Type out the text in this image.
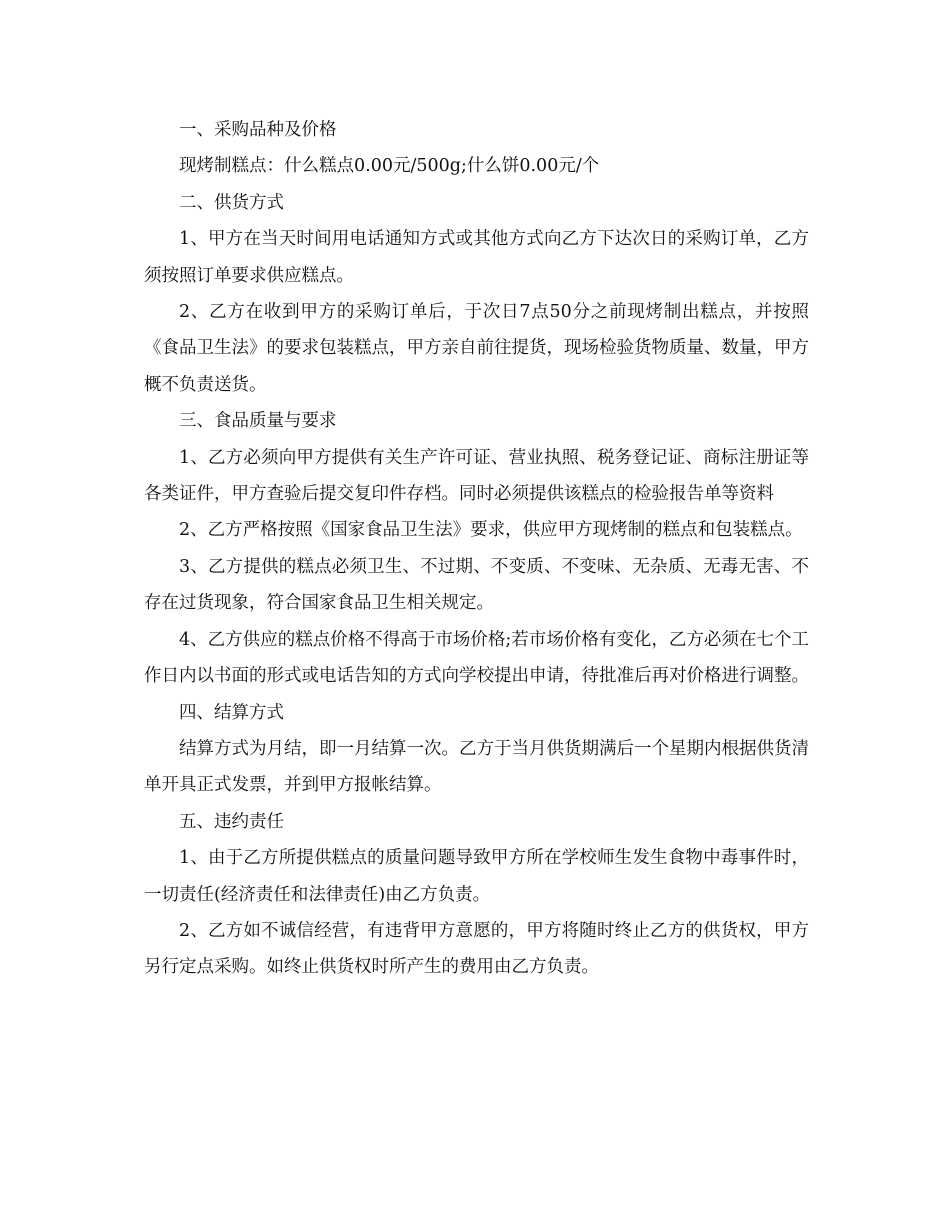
一、采购品种及价格

现烤制糕点：什么糕点0.00元/500g;什么饼0.00元/个

二、供货方式

1、甲方在当天时间用电话通知方式或其他方式向乙方下达次日的采购订单，乙方须按照订单要求供应糕点。

2、乙方在收到甲方的采购订单后，于次日7点50分之前现烤制出糕点，并按照《食品卫生法》的要求包装糕点，甲方亲自前往提货，现场检验货物质量、数量，甲方概不负责送货。

三、食品质量与要求

1、乙方必须向甲方提供有关生产许可证、营业执照、税务登记证、商标注册证等各类证件，甲方查验后提交复印件存档。同时必须提供该糕点的检验报告单等资料

2、乙方严格按照《国家食品卫生法》要求，供应甲方现烤制的糕点和包装糕点。

3、乙方提供的糕点必须卫生、不过期、不变质、不变味、无杂质、无毒无害、不存在过货现象，符合国家食品卫生相关规定。

4、乙方供应的糕点价格不得高于市场价格;若市场价格有变化，乙方必须在七个工作日内以书面的形式或电话告知的方式向学校提出申请，待批准后再对价格进行调整。

四、结算方式

结算方式为月结，即一月结算一次。乙方于当月供货期满后一个星期内根据供货清单开具正式发票，并到甲方报帐结算。

五、违约责任

1、由于乙方所提供糕点的质量问题导致甲方所在学校师生发生食物中毒事件时，一切责任(经济责任和法律责任)由乙方负责。

2、乙方如不诚信经营，有违背甲方意愿的，甲方将随时终止乙方的供货权，甲方另行定点采购。如终止供货权时所产生的费用由乙方负责。
